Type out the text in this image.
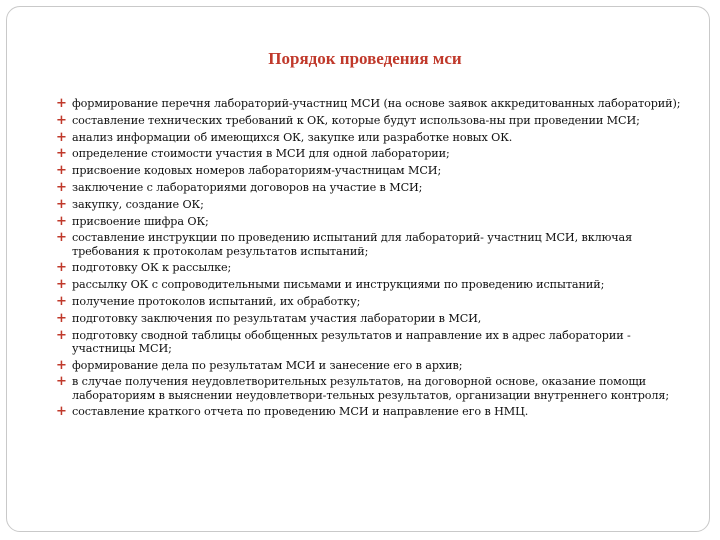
Порядок проведения мси
+ формирование перечня лабораторий-участниц МСИ (на основе заявок аккредитованных лабораторий);
+ составление технических требований к ОК, которые будут использова-ны при проведении МСИ;
+ анализ информации об имеющихся ОК, закупке или разработке новых ОК.
+ определение стоимости участия в МСИ для одной лаборатории;
+ присвоение кодовых номеров лабораториям-участницам МСИ;
+ заключение с лабораториями договоров на участие в МСИ;
+ закупку, создание ОК;
+ присвоение шифра ОК;
+ составление инструкции по проведению испытаний для лабораторий- участниц МСИ, включая требования к протоколам результатов испытаний;
+ подготовку ОК к рассылке;
+ рассылку ОК с сопроводительными письмами и инструкциями по проведению испытаний;
+ получение протоколов испытаний, их обработку;
+ подготовку заключения по результатам участия лаборатории в МСИ,
+ подготовку сводной таблицы обобщенных результатов и направление их в адрес лаборатории - участницы МСИ;
+ формирование дела по результатам МСИ и занесение его в архив;
+ в случае получения неудовлетворительных результатов, на договорной основе, оказание помощи лабораториям в выяснении неудовлетвори-тельных результатов, организации внутреннего контроля;
+ составление краткого отчета по проведению МСИ и направление его в НМЦ.
